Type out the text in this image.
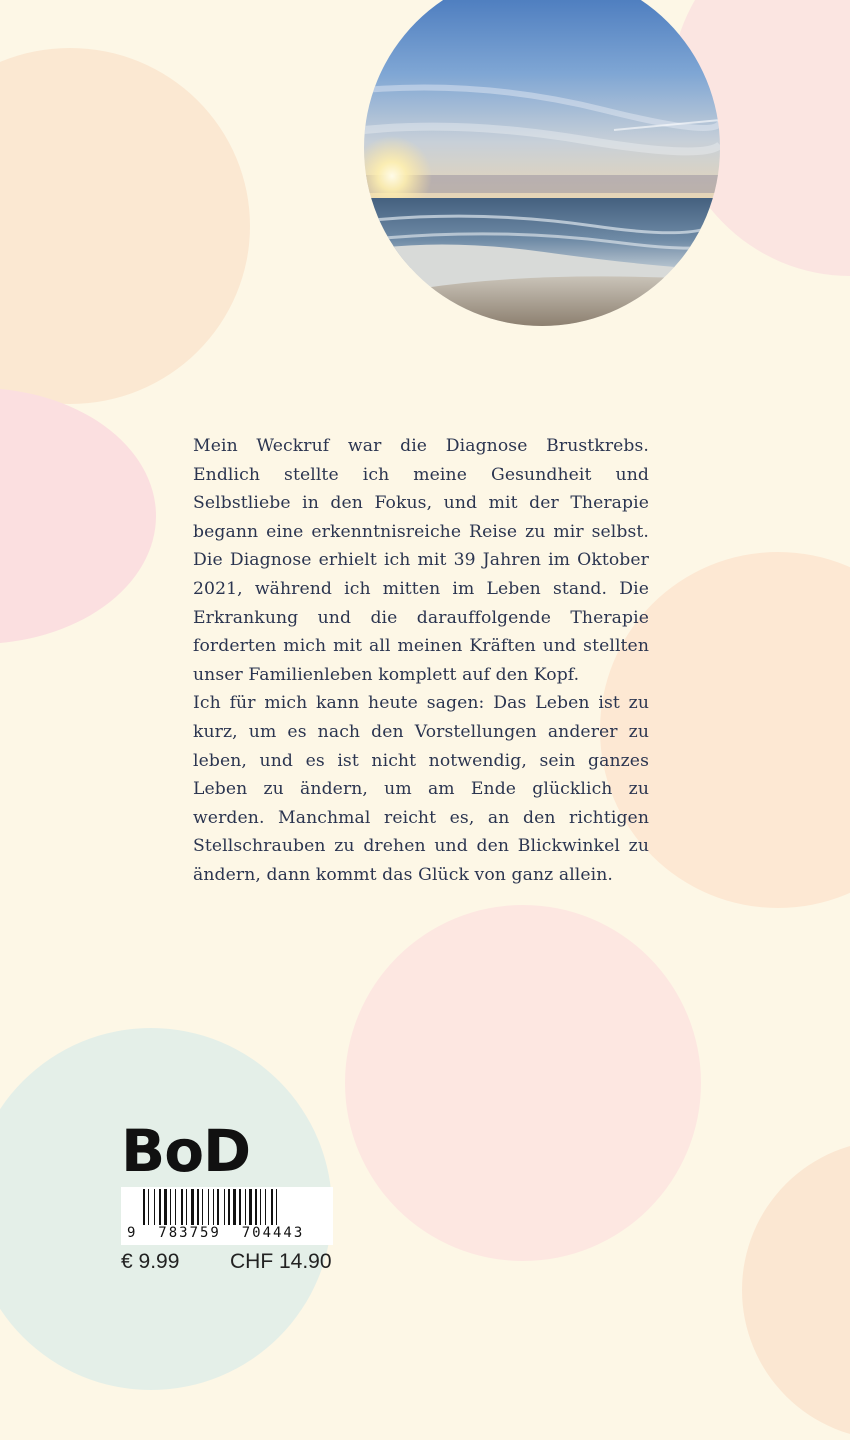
Mein Weckruf war die Diagnose Brustkrebs. Endlich stellte ich meine Gesundheit und Selbstliebe in den Fokus, und mit der Therapie begann eine erkenntnisreiche Reise zu mir selbst. Die Diagnose erhielt ich mit 39 Jahren im Oktober 2021, während ich mitten im Leben stand. Die Erkrankung und die darauffolgende Therapie forderten mich mit all meinen Kräften und stellten unser Familienleben komplett auf den Kopf.

Ich für mich kann heute sagen: Das Leben ist zu kurz, um es nach den Vorstellungen anderer zu leben, und es ist nicht notwendig, sein ganzes Leben zu ändern, um am Ende glücklich zu werden. Manchmal reicht es, an den richtigen Stellschrauben zu drehen und den Blickwinkel zu ändern, dann kommt das Glück von ganz allein.

BoD
9  783759  704443
€ 9.99 CHF 14.90
